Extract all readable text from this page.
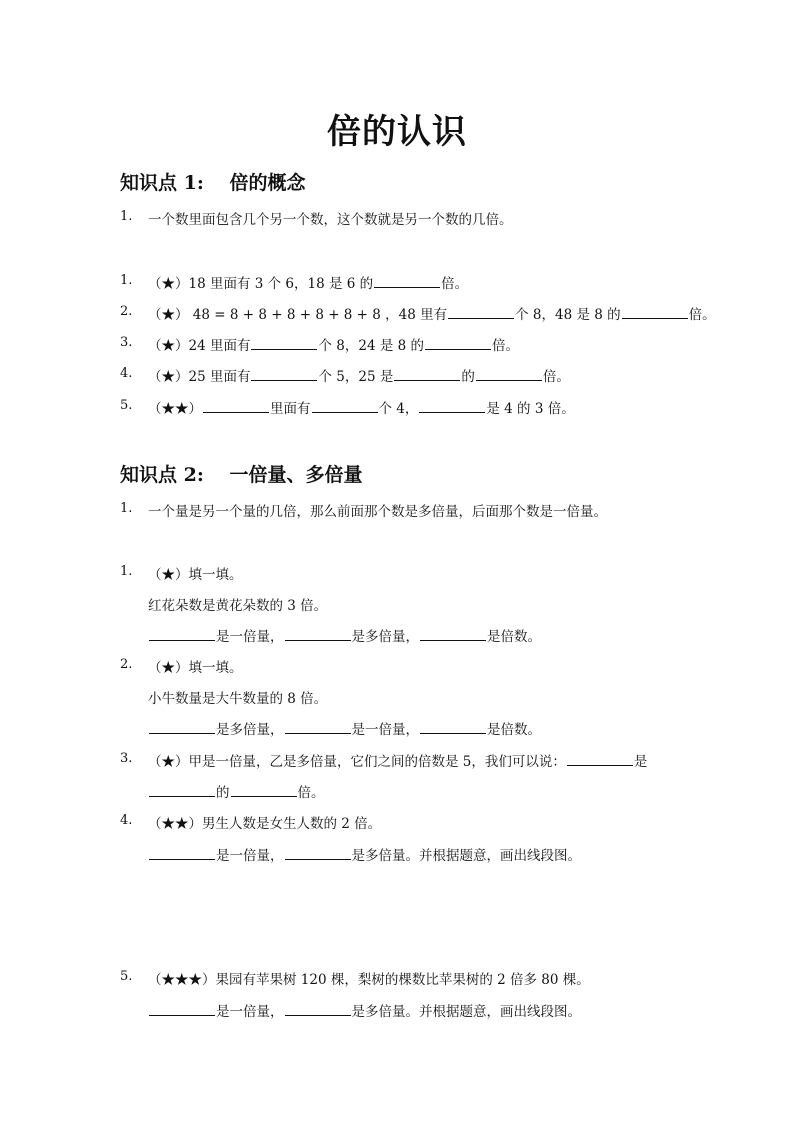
倍的认识
知识点 1:　 倍的概念
1. 一个数里面包含几个另一个数，这个数就是另一个数的几倍。
1. （★）18 里面有 3 个 6，18 是 6 的	倍。
2. （★） 48 = 8 + 8 + 8 + 8 + 8 + 8 ，48 里有	个 8，48 是 8 的	倍。
3. （★）24 里面有	个 8，24 是 8 的	倍。
4. （★）25 里面有	个 5，25 是	的	倍。
5. （★★）	里面有	个 4，	是 4 的 3 倍。
知识点 2:　 一倍量、多倍量
1. 一个量是另一个量的几倍，那么前面那个数是多倍量，后面那个数是一倍量。
1. （★）填一填。
红花朵数是黄花朵数的 3 倍。
是一倍量，	是多倍量，	是倍数。
2. （★）填一填。
小牛数量是大牛数量的 8 倍。
是多倍量，	是一倍量，	是倍数。
3. （★）甲是一倍量，乙是多倍量，它们之间的倍数是 5，我们可以说：	是
的	倍。
4. （★★）男生人数是女生人数的 2 倍。
是一倍量，	是多倍量。并根据题意，画出线段图。
5. （★★★）果园有苹果树 120 棵，梨树的棵数比苹果树的 2 倍多 80 棵。
是一倍量，	是多倍量。并根据题意，画出线段图。
